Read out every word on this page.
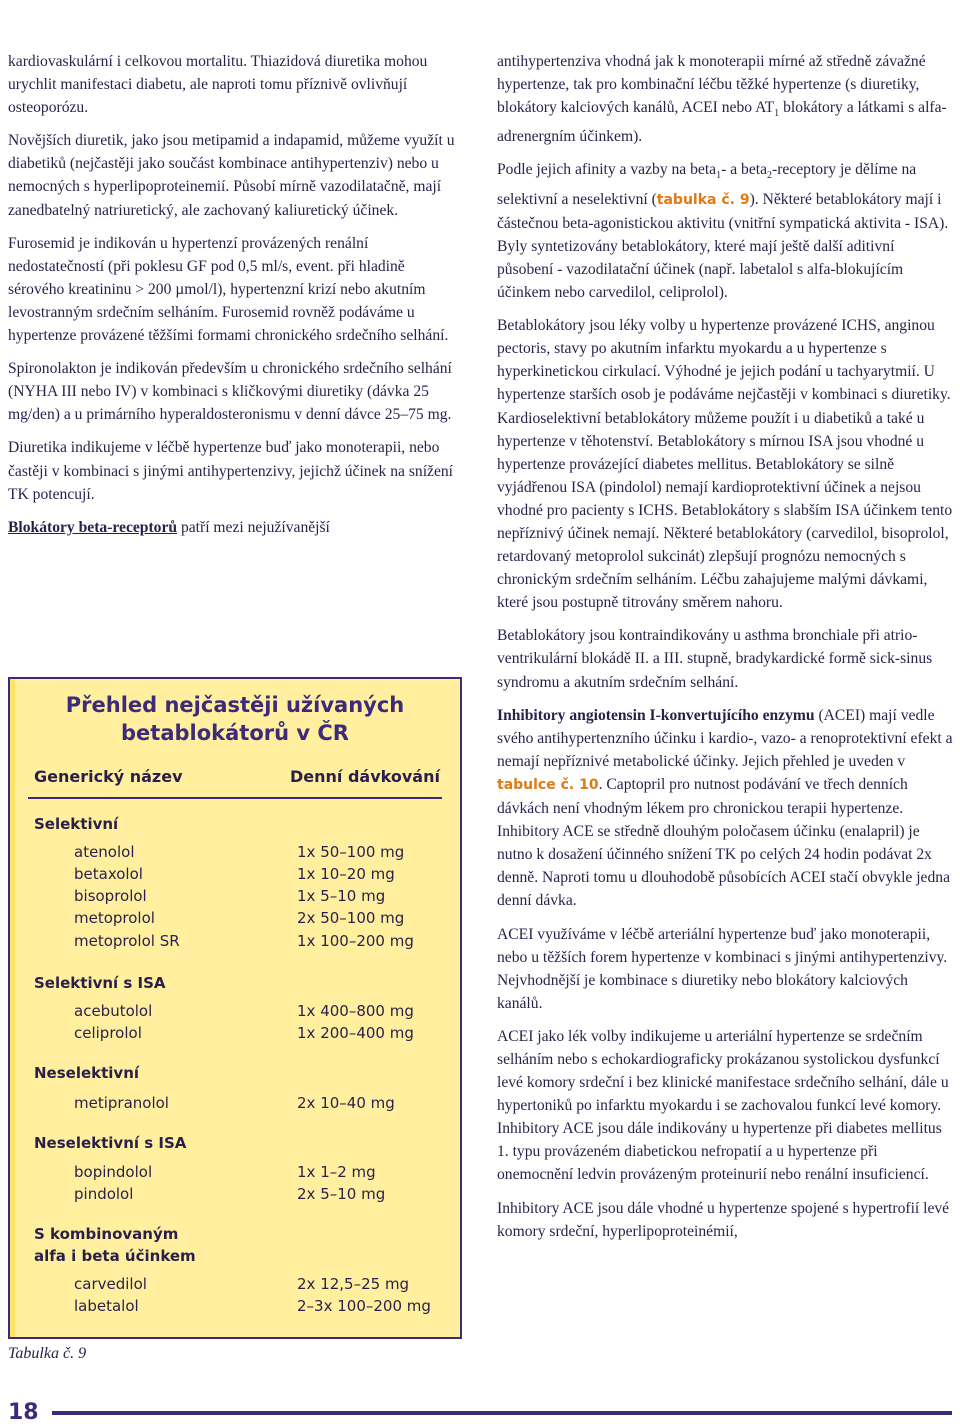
kardiovaskulární i celkovou mortalitu. Thiazidová diuretika mohou urychlit manifestaci diabetu, ale naproti tomu příznivě ovlivňují osteoporózu.

Novějších diuretik, jako jsou metipamid a indapamid, můžeme využít u diabetiků (nejčastěji jako součást kombinace antihypertenziv) nebo u nemocných s hyperlipoproteinemií. Působí mírně vazodilatačně, mají zanedbatelný natriuretický, ale zachovaný kaliuretický účinek.

Furosemid je indikován u hypertenzí provázených renální nedostatečností (při poklesu GF pod 0,5 ml/s, event. při hladině sérového kreatininu > 200 µmol/l), hypertenzní krizí nebo akutním levostranným srdečním selháním. Furosemid rovněž podáváme u hypertenze provázené těžšími formami chronického srdečního selhání.

Spironolakton je indikován především u chronického srdečního selhání (NYHA III nebo IV) v kombinaci s kličkovými diuretiky (dávka 25 mg/den) a u primárního hyperaldosteronismu v denní dávce 25–75 mg.

Diuretika indikujeme v léčbě hypertenze buď jako monoterapii, nebo častěji v kombinaci s jinými antihypertenzivy, jejichž účinek na snížení TK potencují.

Blokátory beta-receptorů patří mezi nejužívanější

Přehled nejčastěji užívaných
betablokátorů v ČR
Generický název	Denní dávkování
Selektivní
atenolol	1x 50–100 mg
betaxolol	1x 10–20 mg
bisoprolol	1x 5–10 mg
metoprolol	2x 50–100 mg
metoprolol SR	1x 100–200 mg
Selektivní s ISA
acebutolol	1x 400–800 mg
celiprolol	1x 200–400 mg
Neselektivní
metipranolol	2x 10–40 mg
Neselektivní s ISA
bopindolol	1x 1–2 mg
pindolol	2x 5–10 mg
S kombinovaným
alfa i beta účinkem
carvedilol	2x 12,5–25 mg
labetalol	2–3x 100–200 mg
Tabulka č. 9

antihypertenziva vhodná jak k monoterapii mírné až středně závažné hypertenze, tak pro kombinační léčbu těžké hypertenze (s diuretiky, blokátory kalciových kanálů, ACEI nebo $AT_1$ blokátory a látkami s alfa-adrenergním účinkem).

Podle jejich afinity a vazby na beta$_1$- a beta$_2$-receptory je dělíme na selektivní a neselektivní (tabulka č. 9). Některé betablokátory mají i částečnou beta-agonistickou aktivitu (vnitřní sympatická aktivita - ISA). Byly syntetizovány betablokátory, které mají ještě další aditivní působení - vazodilatační účinek (např. labetalol s alfa-blokujícím účinkem nebo carvedilol, celiprolol).

Betablokátory jsou léky volby u hypertenze provázené ICHS, anginou pectoris, stavy po akutním infarktu myokardu a u hypertenze s hyperkinetickou cirkulací. Výhodné je jejich podání u tachyarytmií. U hypertenze starších osob je podáváme nejčastěji v kombinaci s diuretiky. Kardioselektivní betablokátory můžeme použít i u diabetiků a také u hypertenze v těhotenství. Betablokátory s mírnou ISA jsou vhodné u hypertenze provázející diabetes mellitus. Betablokátory se silně vyjádřenou ISA (pindolol) nemají kardioprotektivní účinek a nejsou vhodné pro pacienty s ICHS. Betablokátory s slabším ISA účinkem tento nepříznivý účinek nemají. Některé betablokátory (carvedilol, bisoprolol, retardovaný metoprolol sukcinát) zlepšují prognózu nemocných s chronickým srdečním selháním. Léčbu zahajujeme malými dávkami, které jsou postupně titrovány směrem nahoru.

Betablokátory jsou kontraindikovány u asthma bronchiale při atrio-ventrikulární blokádě II. a III. stupně, bradykardické formě sick-sinus syndromu a akutním srdečním selhání.

Inhibitory angiotensin I-konvertujícího enzymu (ACEI) mají vedle svého antihypertenzního účinku i kardio-, vazo- a renoprotektivní efekt a nemají nepříznivé metabolické účinky. Jejich přehled je uveden v tabulce č. 10. Captopril pro nutnost podávání ve třech denních dávkách není vhodným lékem pro chronickou terapii hypertenze. Inhibitory ACE se středně dlouhým poločasem účinku (enalapril) je nutno k dosažení účinného snížení TK po celých 24 hodin podávat 2x denně. Naproti tomu u dlouhodobě působících ACEI stačí obvykle jedna denní dávka.

ACEI využíváme v léčbě arteriální hypertenze buď jako monoterapii, nebo u těžších forem hypertenze v kombinaci s jinými antihypertenzivy. Nejvhodnější je kombinace s diuretiky nebo blokátory kalciových kanálů.

ACEI jako lék volby indikujeme u arteriální hypertenze se srdečním selháním nebo s echokardiograficky prokázanou systolickou dysfunkcí levé komory srdeční i bez klinické manifestace srdečního selhání, dále u hypertoniků po infarktu myokardu i se zachovalou funkcí levé komory. Inhibitory ACE jsou dále indikovány u hypertenze při diabetes mellitus 1. typu provázeném diabetickou nefropatií a u hypertenze při onemocnění ledvin provázeným proteinurií nebo renální insuficiencí.

Inhibitory ACE jsou dále vhodné u hypertenze spojené s hypertrofií levé komory srdeční, hyperlipoproteinémií,

18
